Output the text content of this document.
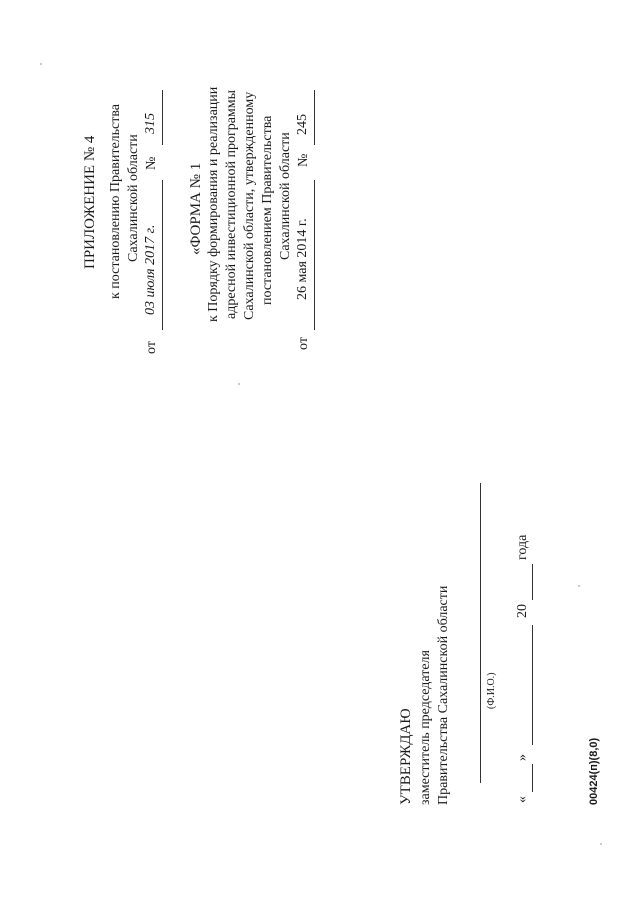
ПРИЛОЖЕНИЕ № 4 к постановлению Правительства Сахалинской области
от
03 июля 2017 г.
№
315
«ФОРМА № 1 к Порядку формирования и реализации адресной инвестиционной программы Сахалинской области, утвержденному постановлением Правительства Сахалинской области
от
26 мая 2014 г.
№
245
УТВЕРЖДАЮ заместитель председателя Правительства Сахалинской области	(Ф.И.О.)
«
»
20
года
00424(п)(8,0)
